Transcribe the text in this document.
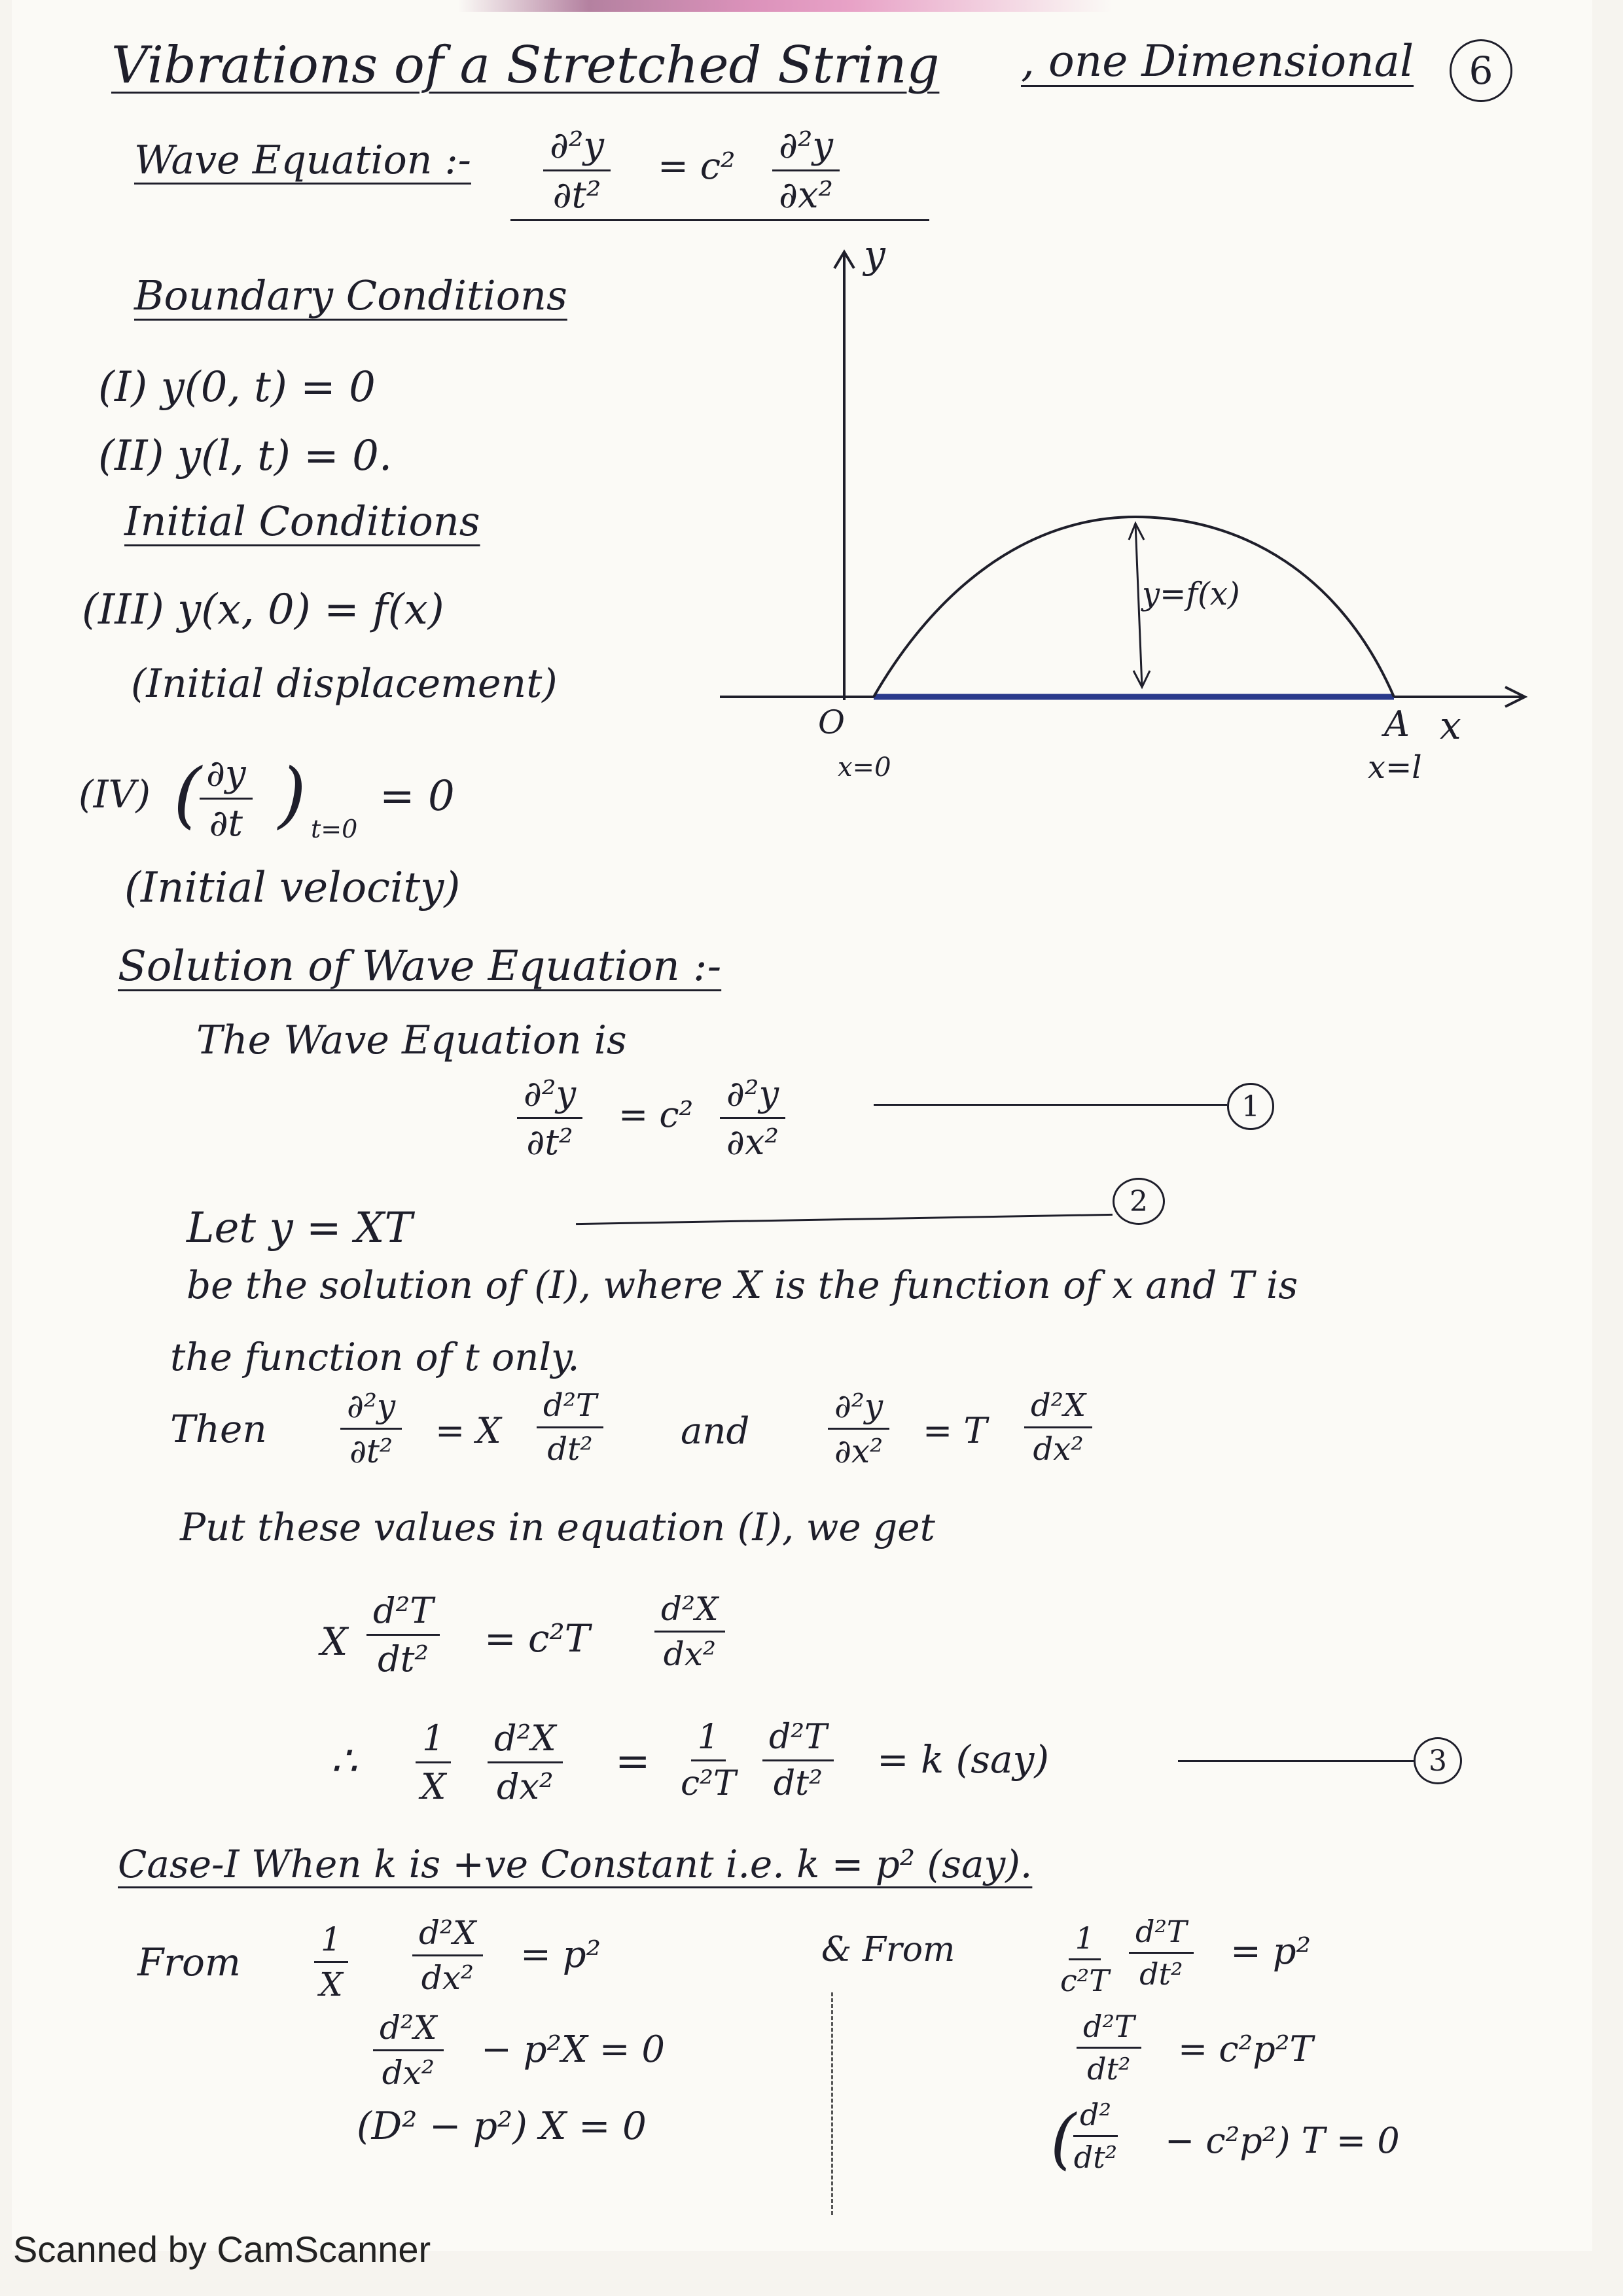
Vibrations of a Stretched String , one Dimensional 6
Wave Equation :- $\frac{\text{∂²y}}{\text{∂t²}} = c^2 \frac{\text{∂²y}}{\text{∂x²}}$
Boundary Conditions
(I) y(0, t) = 0
(II) y(l, t) = 0.
Initial Conditions
(III) y(x, 0) = f(x)
(Initial displacement)
(IV) (
$\frac{\partial y}{\partial t}$ ) t=0
= 0
(Initial velocity)
y
O
x=0
y=f(x)
A x
x=l
Solution of Wave Equation :-
The Wave Equation is
$\frac{\text{∂²y}}{\text{∂t²}} = c^2 \frac{\text{∂²y}}{\text{∂x²}}$	1
Let y = XT
2
be the solution of (I), where X is the function of x and T is
the function of t only.
Then $\frac{\text{∂²y}}{\text{∂t²}} = X \frac{\text{d²T}}{\text{dt²}}$ and $\frac{\text{∂²y}}{\text{∂x²}} = T \frac{\text{d²X}}{\text{dx²}}$
Put these values in equation (I), we get
X $\frac{\text{d²T}}{\text{dt²}} = c^2T \frac{\text{d²X}}{\text{dx²}}$
∴ $\frac{1}{X} \frac{\text{d²X}}{\text{dx²}} = \frac{1}{\text{c²T}} \frac{\text{d²T}}{\text{dt²}} = k$ (say)	3
Case-I When k is +ve Constant i.e. k = p² (say).
From $\frac{1}{X} \frac{\text{d²X}}{\text{dx²}} = p^2$
$\frac{\text{d²X}}{\text{dx²}} - p^2X = 0$
(D² − p²) X = 0
& From	$\frac{1}{\text{c²T}} \frac{\text{d²T}}{\text{dt²}} = p^2$
$\frac{\text{d²T}}{\text{dt²}} = c^2p^2T$
(
$\frac{\text{d²}}{\text{dt²}} - c^2p^2$) T = 0
Scanned by CamScanner
